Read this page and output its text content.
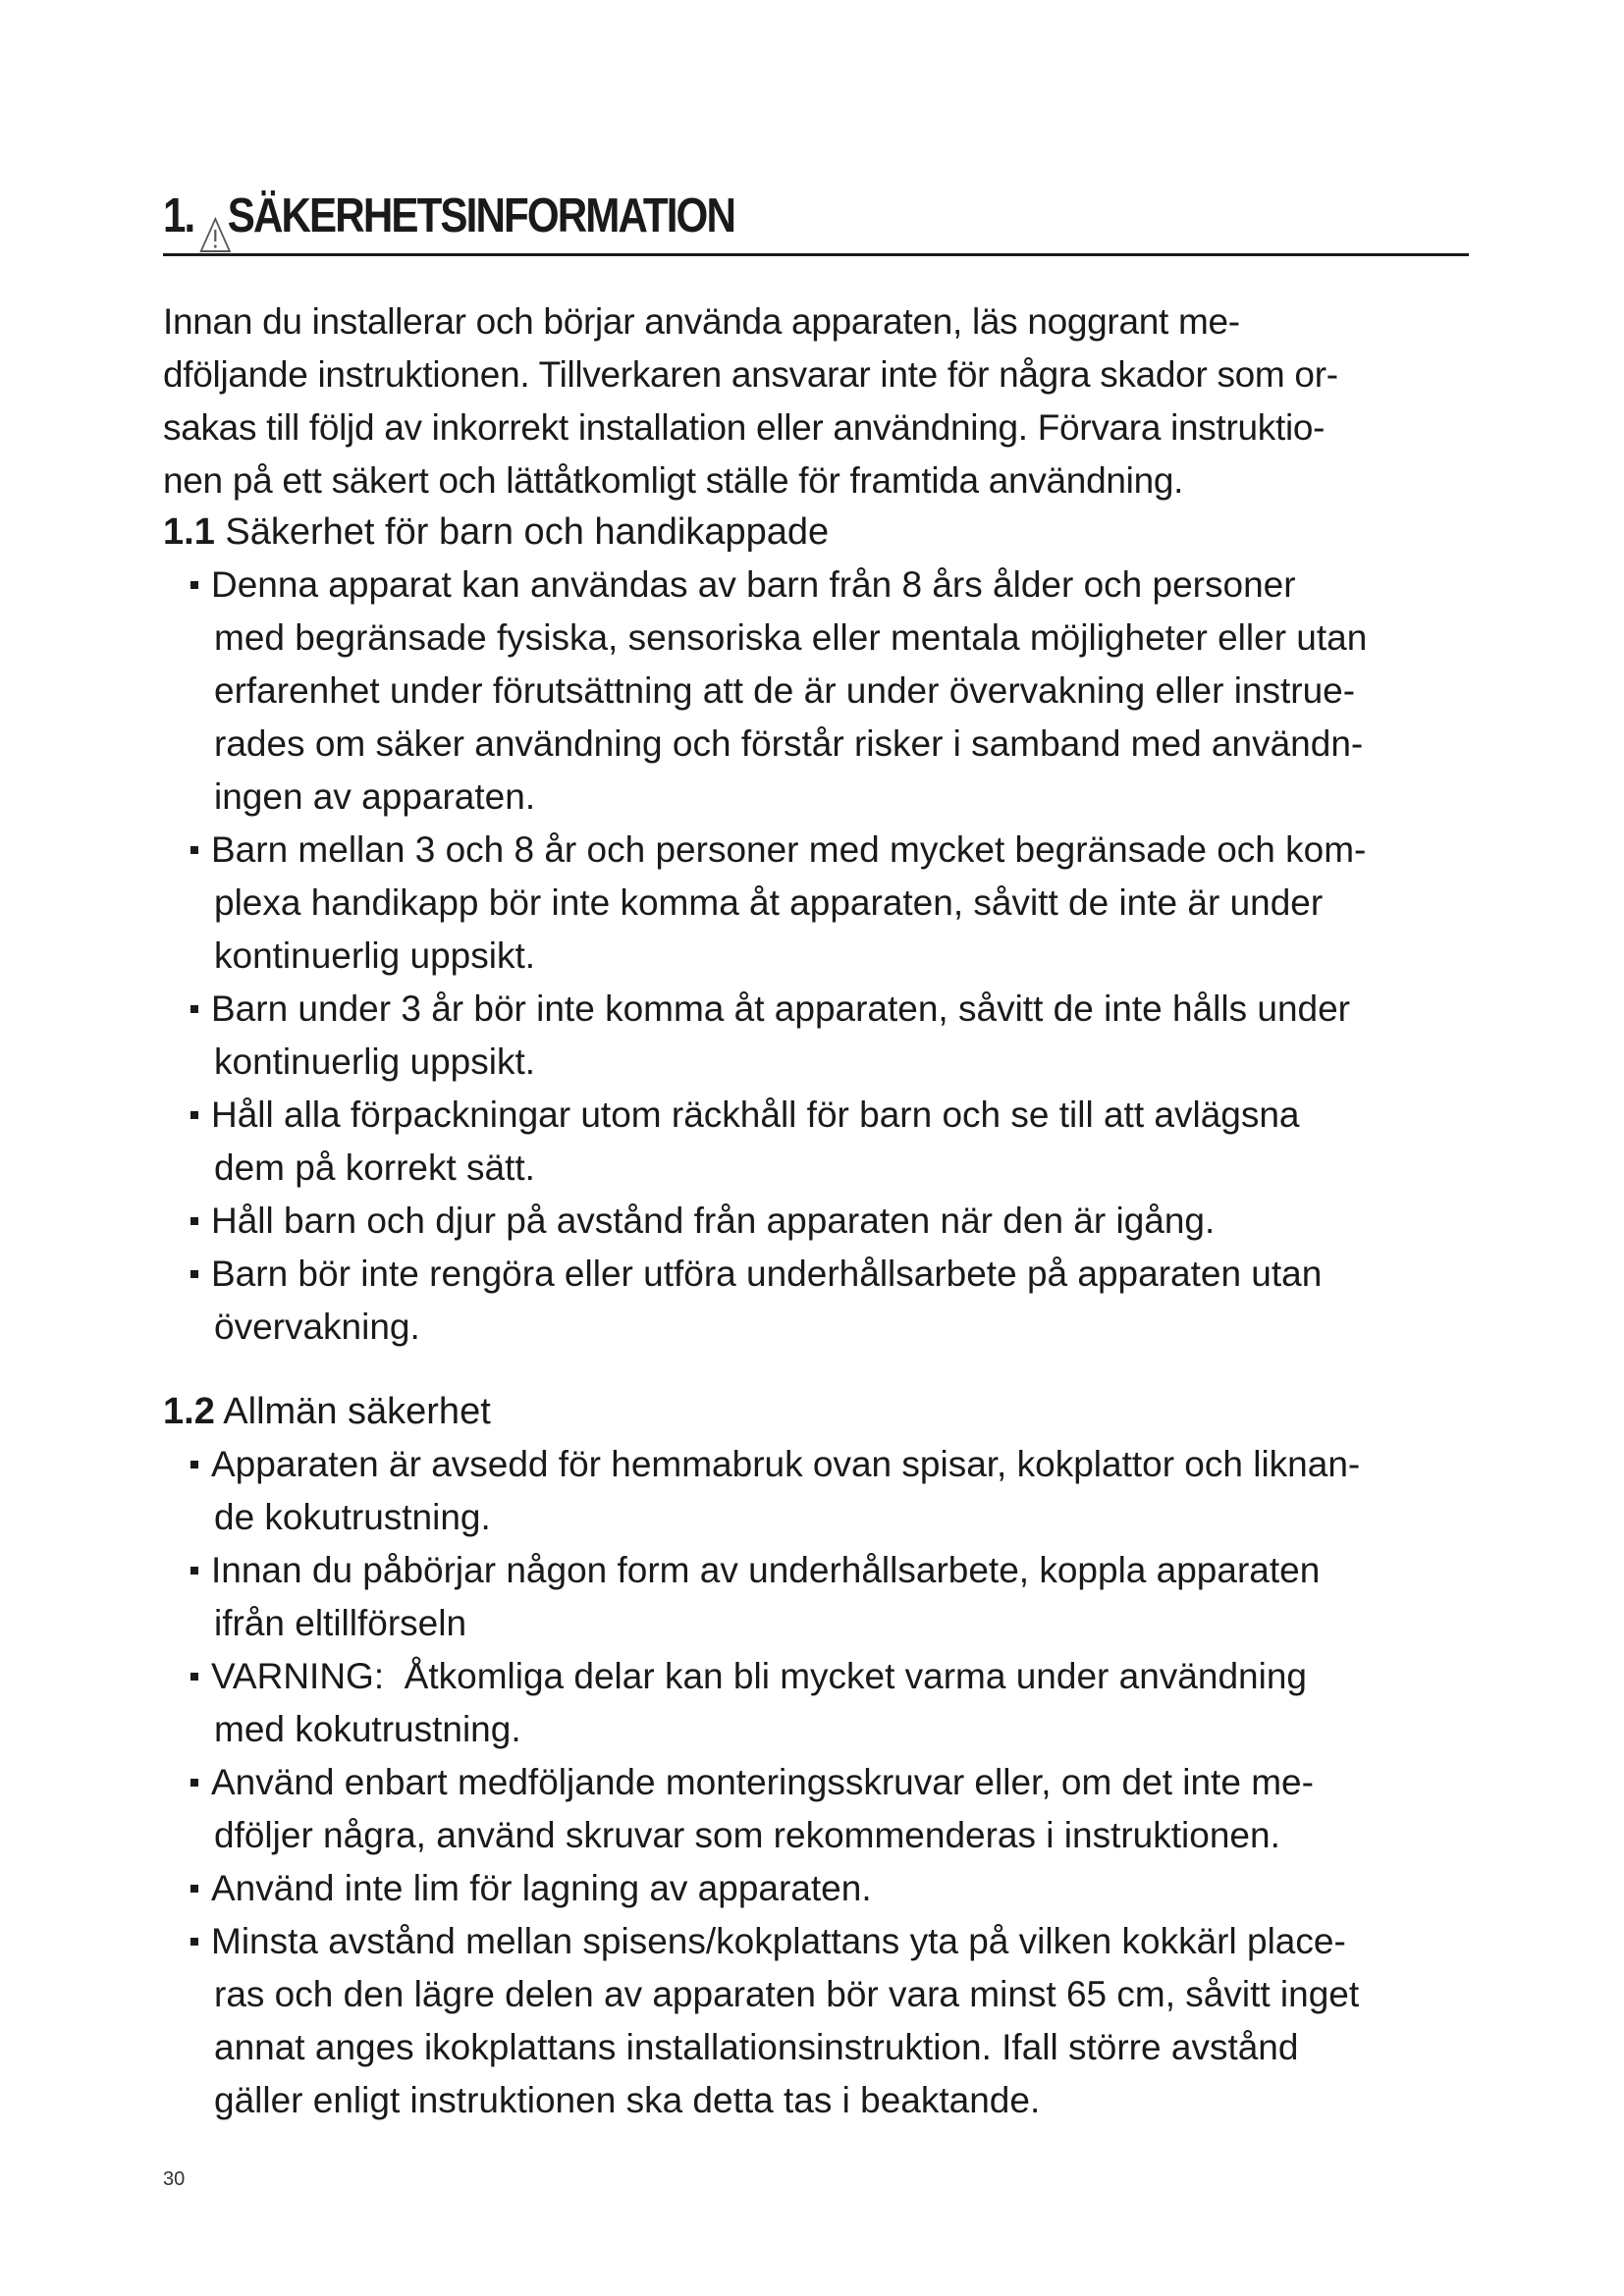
1. SÄKERHETSINFORMATION
Innan du installerar och börjar använda apparaten, läs noggrant me-
dföljande instruktionen. Tillverkaren ansvarar inte för några skador som or-
sakas till följd av inkorrekt installation eller användning. Förvara instruktio-
nen på ett säkert och lättåtkomligt ställe för framtida användning.
1.1 Säkerhet för barn och handikappade
Denna apparat kan användas av barn från 8 års ålder och personer
med begränsade fysiska, sensoriska eller mentala möjligheter eller utan
erfarenhet under förutsättning att de är under övervakning eller instrue-
rades om säker användning och förstår risker i samband med användn-
ingen av apparaten.
Barn mellan 3 och 8 år och personer med mycket begränsade och kom-
plexa handikapp bör inte komma åt apparaten, såvitt de inte är under
kontinuerlig uppsikt.
Barn under 3 år bör inte komma åt apparaten, såvitt de inte hålls under
kontinuerlig uppsikt.
Håll alla förpackningar utom räckhåll för barn och se till att avlägsna
dem på korrekt sätt.
Håll barn och djur på avstånd från apparaten när den är igång.
Barn bör inte rengöra eller utföra underhållsarbete på apparaten utan
övervakning.
1.2 Allmän säkerhet
Apparaten är avsedd för hemmabruk ovan spisar, kokplattor och liknan-
de kokutrustning.
Innan du påbörjar någon form av underhållsarbete, koppla apparaten
ifrån eltillförseln
VARNING:  Åtkomliga delar kan bli mycket varma under användning
med kokutrustning.
Använd enbart medföljande monteringsskruvar eller, om det inte me-
dföljer några, använd skruvar som rekommenderas i instruktionen.
Använd inte lim för lagning av apparaten.
Minsta avstånd mellan spisens/kokplattans yta på vilken kokkärl place-
ras och den lägre delen av apparaten bör vara minst 65 cm, såvitt inget
annat anges ikokplattans installationsinstruktion. Ifall större avstånd
gäller enligt instruktionen ska detta tas i beaktande.
30
